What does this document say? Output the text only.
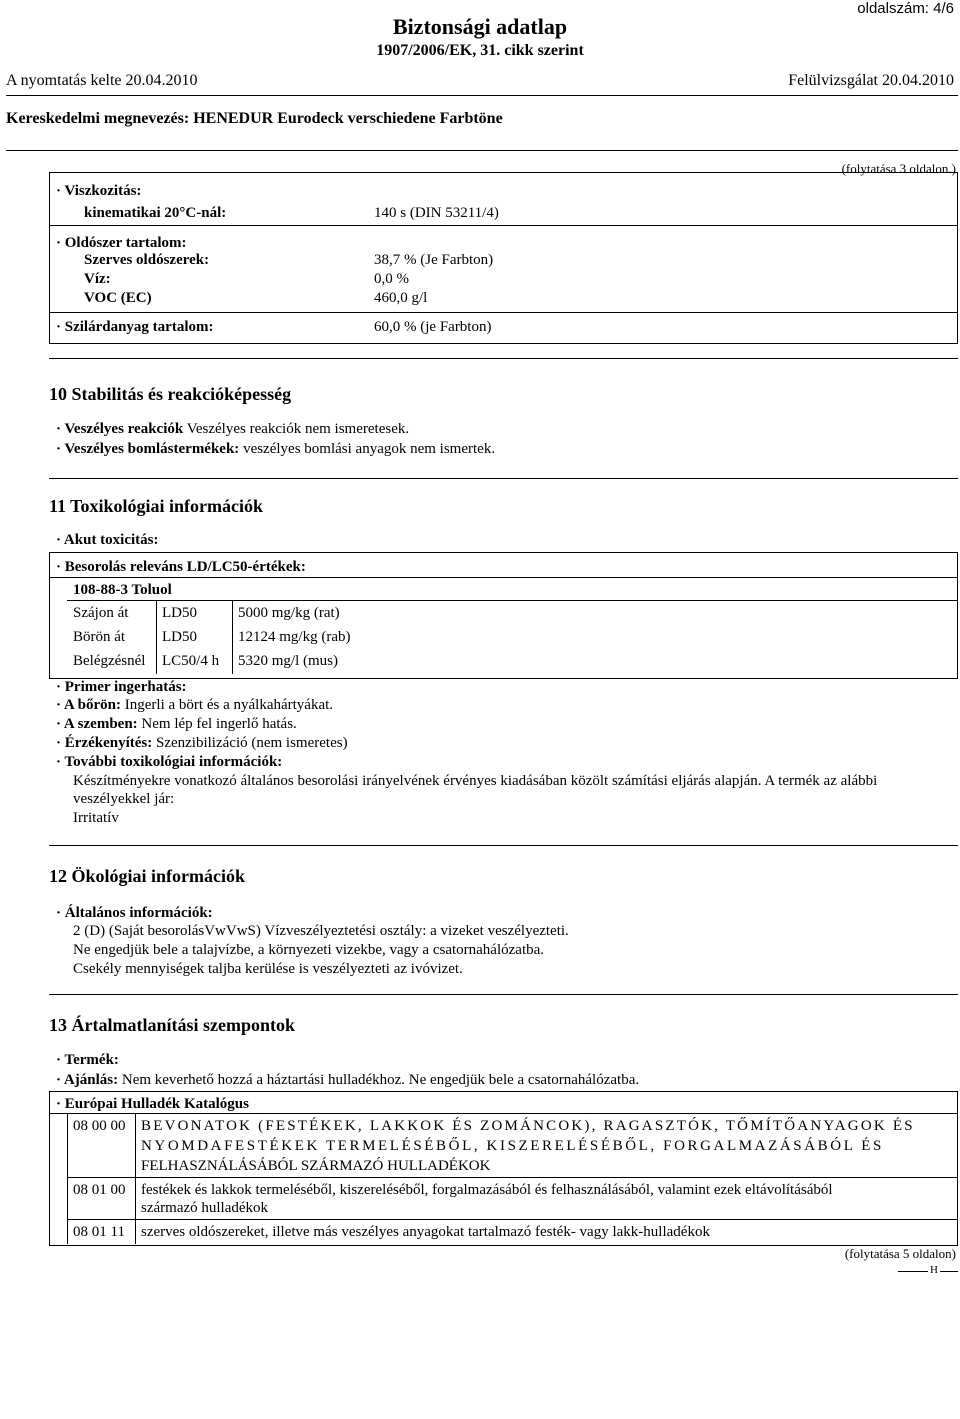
oldalszám: 4/6
Biztonsági adatlap
1907/2006/EK, 31. cikk szerint
A nyomtatás kelte 20.04.2010	Felülvizsgálat 20.04.2010
Kereskedelmi megnevezés: HENEDUR Eurodeck verschiedene Farbtöne
(folytatása 3 oldalon.)
· Viszkozitás:
kinematikai 20°C-nál:	140 s (DIN 53211/4)
· Oldószer tartalom:
Szerves oldószerek:	38,7 % (Je Farbton)
Víz:	0,0 %
VOC (EC)	460,0 g/l
· Szilárdanyag tartalom:	60,0 % (je Farbton)
10 Stabilitás és reakcióképesség
· Veszélyes reakciók Veszélyes reakciók nem ismeretesek.
· Veszélyes bomlástermékek: veszélyes bomlási anyagok nem ismertek.
11 Toxikológiai információk
· Akut toxicitás:
· Besorolás releváns LD/LC50-értékek:
108-88-3 Toluol
Szájon át LD50	5000 mg/kg (rat)
Börön át LD50	12124 mg/kg (rab)
Belégzésnél LC50/4 h 5320 mg/l (mus)
· Primer ingerhatás:
· A bőrön: Ingerli a bört és a nyálkahártyákat.
· A szemben: Nem lép fel ingerlő hatás.
· Érzékenyítés: Szenzibilizáció (nem ismeretes)
· További toxikológiai információk:
Készítményekre vonatkozó általános besorolási irányelvének érvényes kiadásában közölt számítási eljárás alapján. A termék az alábbi veszélyekkel jár:
Irritatív
12 Ökológiai információk
· Általános információk:
2 (D) (Saját besorolásVwVwS) Vízveszélyeztetési osztály: a vizeket veszélyezteti.
Ne engedjük bele a talajvízbe, a környezeti vizekbe, vagy a csatornahálózatba.
Csekély mennyiségek taljba kerülése is veszélyezteti az ivóvizet.
13 Ártalmatlanítási szempontok
· Termék:
· Ajánlás: Nem keverhető hozzá a háztartási hulladékhoz. Ne engedjük bele a csatornahálózatba.
· Európai Hulladék Katalógus
08 00 00 BEVONATOK (FESTÉKEK, LAKKOK ÉS ZOMÁNCOK), RAGASZTÓK, TŐMÍTŐANYAGOK ÉS
NYOMDAFESTÉKEK TERMELÉSÉBŐL, KISZERELÉSÉBŐL, FORGALMAZÁSÁBÓL ÉS
FELHASZNÁLÁSÁBÓL SZÁRMAZÓ HULLADÉKOK
08 01 00 festékek és lakkok termeléséből, kiszereléséből, forgalmazásából és felhasználásából, valamint ezek eltávolításából
származó hulladékok
08 01 11 szerves oldószereket, illetve más veszélyes anyagokat tartalmazó festék- vagy lakk-hulladékok
(folytatása 5 oldalon)
H
